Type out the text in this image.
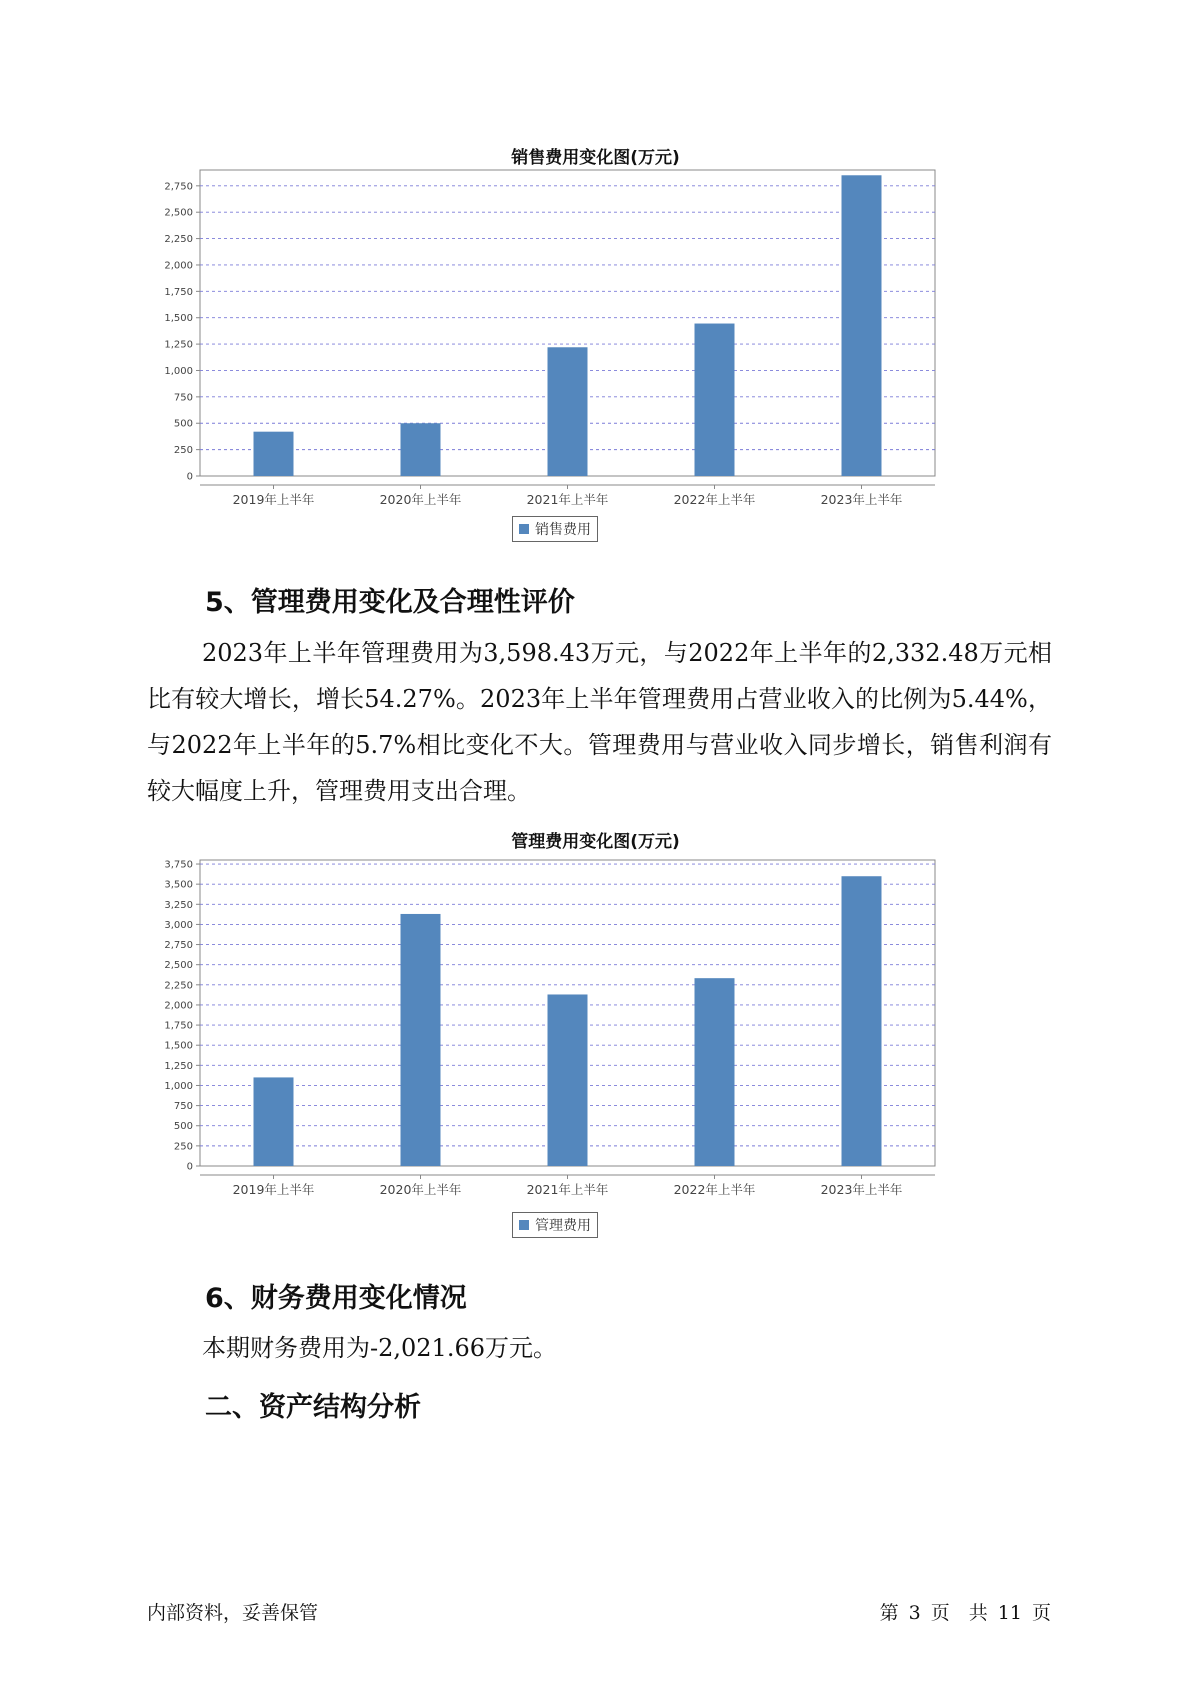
销售费用变化图(万元)
0
250
500
750
1,000
1,250
1,500
1,750
2,000
2,250
2,500
2,750
2019年上半年	2020年上半年	2021年上半年	2022年上半年	2023年上半年
销售费用
5、管理费用变化及合理性评价

2023年上半年管理费用为3,598.43万元，与2022年上半年的2,332.48万元相比有较大增长，增长54.27%。2023年上半年管理费用占营业收入的比例为5.44%，与2022年上半年的5.7%相比变化不大。管理费用与营业收入同步增长，销售利润有较大幅度上升，管理费用支出合理。

管理费用变化图(万元)
0
250
500
750
1,000
1,250
1,500
1,750
2,000
2,250
2,500
2,750
3,000
3,250
3,500
3,750
2019年上半年	2020年上半年	2021年上半年	2022年上半年	2023年上半年
管理费用
6、财务费用变化情况

本期财务费用为-2,021.66万元。

二、资产结构分析
内部资料，妥善保管	第 3 页　共 11 页
